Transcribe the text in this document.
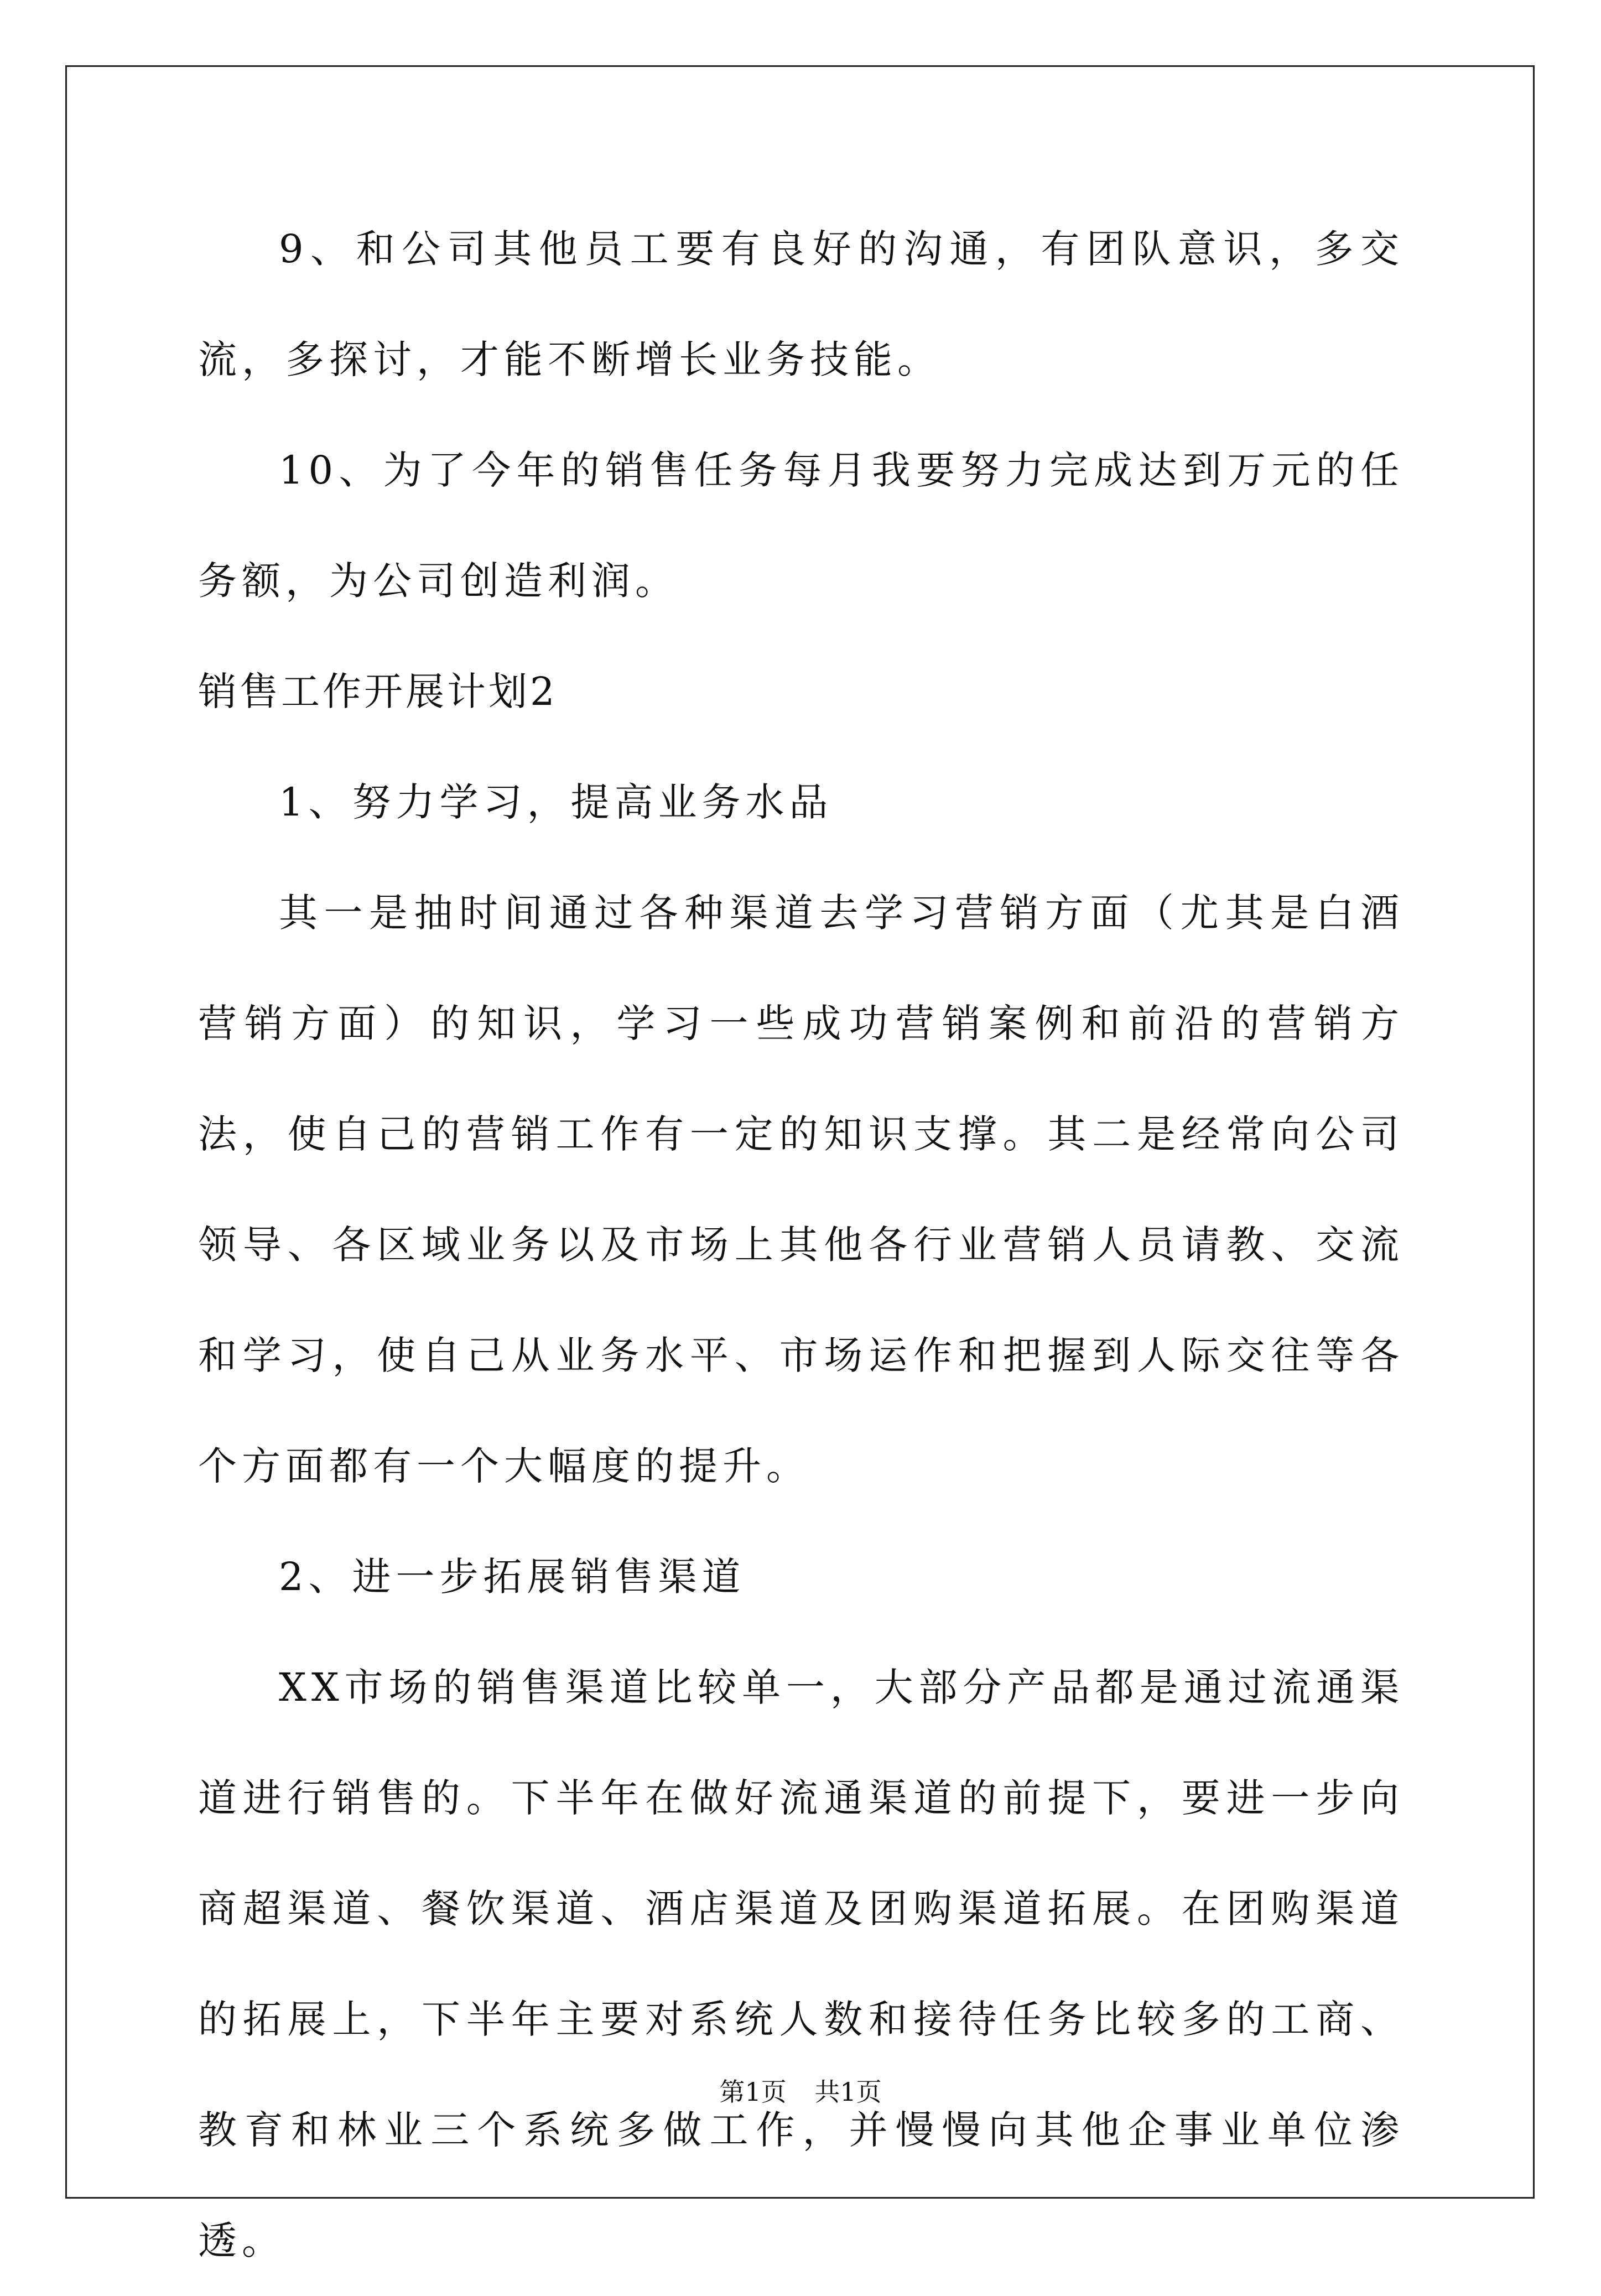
9、和公司其他员工要有良好的沟通，有团队意识，多交流，多探讨，才能不断增长业务技能。

10、为了今年的销售任务每月我要努力完成达到万元的任务额，为公司创造利润。

销售工作开展计划2

1、努力学习，提高业务水品

其一是抽时间通过各种渠道去学习营销方面（尤其是白酒营销方面）的知识，学习一些成功营销案例和前沿的营销方法，使自己的营销工作有一定的知识支撑。其二是经常向公司领导、各区域业务以及市场上其他各行业营销人员请教、交流和学习，使自己从业务水平、市场运作和把握到人际交往等各个方面都有一个大幅度的提升。

2、进一步拓展销售渠道

XX市场的销售渠道比较单一，大部分产品都是通过流通渠道进行销售的。下半年在做好流通渠道的前提下，要进一步向商超渠道、餐饮渠道、酒店渠道及团购渠道拓展。在团购渠道的拓展上，下半年主要对系统人数和接待任务比较多的工商、教育和林业三个系统多做工作，并慢慢向其他企事业单位渗透。

第1页 共1页
